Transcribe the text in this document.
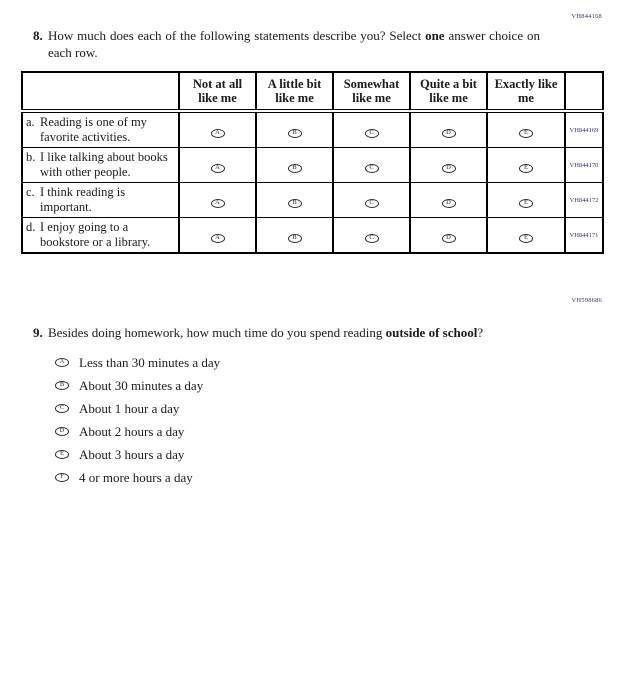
VH844168
8. How much does each of the following statements describe you? Select one answer choice on each row.

	Not at all like me	A little bit like me	Somewhat like me	Quite a bit like me	Exactly like me	

a. Reading is one of my favorite activities.	A	B	C	D	E	VH844169

b. I like talking about books with other people.	A	B	C	D	E	VH844170

c. I think reading is important.	A	B	C	D	E	VH844172

d. I enjoy going to a bookstore or a library.	A	B	C	D	E	VH844171
VH598686
9. Besides doing homework, how much time do you spend reading outside of school?

A	Less than 30 minutes a day
B	About 30 minutes a day
C	About 1 hour a day
D	About 2 hours a day
E	About 3 hours a day
F	4 or more hours a day
